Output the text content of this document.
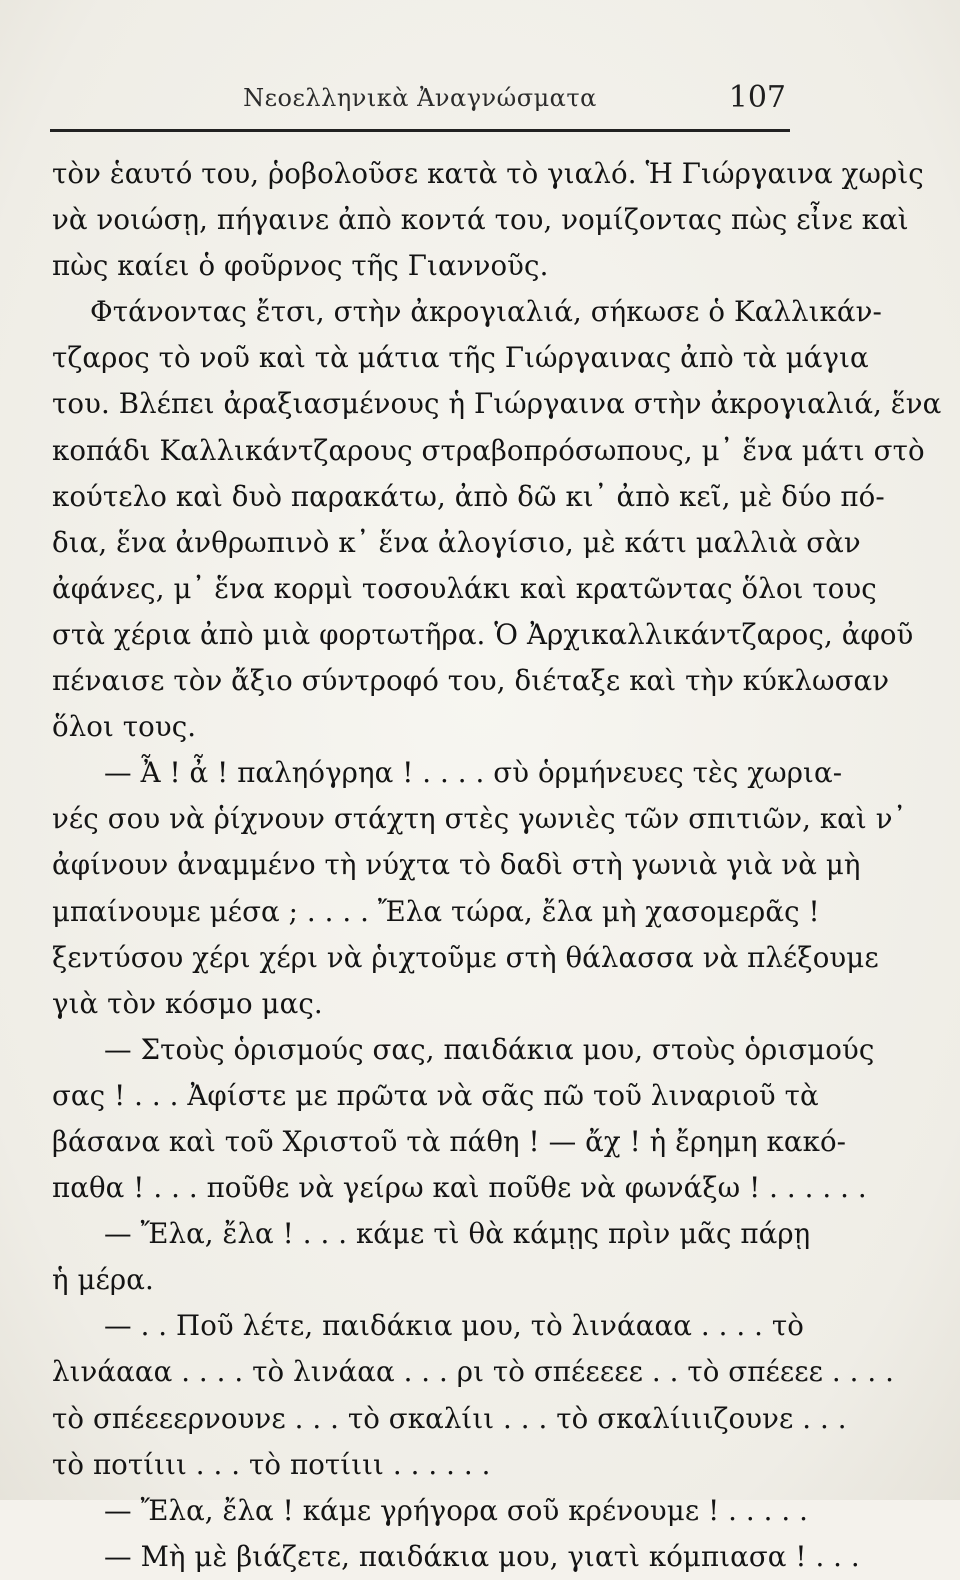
Νεοελληνικὰ Ἀναγνώσματα	107
τὸν ἑαυτό του, ῥοβολοῦσε κατὰ τὸ γιαλό. Ἡ Γιώργαινα χωρὶς
νὰ νοιώσῃ, πήγαινε ἀπὸ κοντά του, νομίζοντας πὼς εἶνε καὶ
πὼς καίει ὁ φοῦρνος τῆς Γιαννοῦς.
Φτάνοντας ἔτσι, στὴν ἀκρογιαλιά, σήκωσε ὁ Καλλικάν-
τζαρος τὸ νοῦ καὶ τὰ μάτια τῆς Γιώργαινας ἀπὸ τὰ μάγια
του. Βλέπει ἀραξιασμένους ἡ Γιώργαινα στὴν ἀκρογιαλιά, ἕνα
κοπάδι Καλλικάντζαρους στραβοπρόσωπους, μ᾽ ἕνα μάτι στὸ
κούτελο καὶ δυὸ παρακάτω, ἀπὸ δῶ κι᾽ ἀπὸ κεῖ, μὲ δύο πό-
δια, ἕνα ἀνθρωπινὸ κ᾽ ἕνα ἀλογίσιο, μὲ κάτι μαλλιὰ σὰν
ἀφάνες, μ᾽ ἕνα κορμὶ τοσουλάκι καὶ κρατῶντας ὅλοι τους
στὰ χέρια ἀπὸ μιὰ φορτωτῆρα. Ὁ Ἀρχικαλλικάντζαρος, ἀφοῦ
πέναισε τὸν ἄξιο σύντροφό του, διέταξε καὶ τὴν κύκλωσαν
ὅλοι τους.
— Ἆ ! ἆ ! παληόγρηα ! . . . . σὺ ὁρμήνευες τὲς χωρια-
νές σου νὰ ῥίχνουν στάχτη στὲς γωνιὲς τῶν σπιτιῶν, καὶ ν᾽
ἀφίνουν ἀναμμένο τὴ νύχτα τὸ δαδὶ στὴ γωνιὰ γιὰ νὰ μὴ
μπαίνουμε μέσα ; . . . . Ἔλα τώρα, ἔλα μὴ χασομερᾶς !
ξεντύσου χέρι χέρι νὰ ῥιχτοῦμε στὴ θάλασσα νὰ πλέξουμε
γιὰ τὸν κόσμο μας.
— Στοὺς ὁρισμούς σας, παιδάκια μου, στοὺς ὁρισμούς
σας ! . . . Ἀφίστε με πρῶτα νὰ σᾶς πῶ τοῦ λιναριοῦ τὰ
βάσανα καὶ τοῦ Χριστοῦ τὰ πάθη ! — ἄχ ! ἡ ἔρημη κακό-
παθα ! . . . ποῦθε νὰ γείρω καὶ ποῦθε νὰ φωνάξω ! . . . . . .
— Ἔλα, ἔλα ! . . . κάμε τὶ θὰ κάμῃς πρὶν μᾶς πάρῃ
ἡ μέρα.
— . . Ποῦ λέτε, παιδάκια μου, τὸ λινάααα . . . . τὸ
λινάααα . . . . τὸ λινάαα . . . ρι τὸ σπέεεεε . . τὸ σπέεεε . . . .
τὸ σπέεεερνουνε . . . τὸ σκαλίιι . . . τὸ σκαλίιιιζουνε . . .
τὸ ποτίιιι . . . τὸ ποτίιιι . . . . . .
— Ἔλα, ἔλα ! κάμε γρήγορα σοῦ κρένουμε ! . . . . .
— Μὴ μὲ βιάζετε, παιδάκια μου, γιατὶ κόμπιασα ! . . .
